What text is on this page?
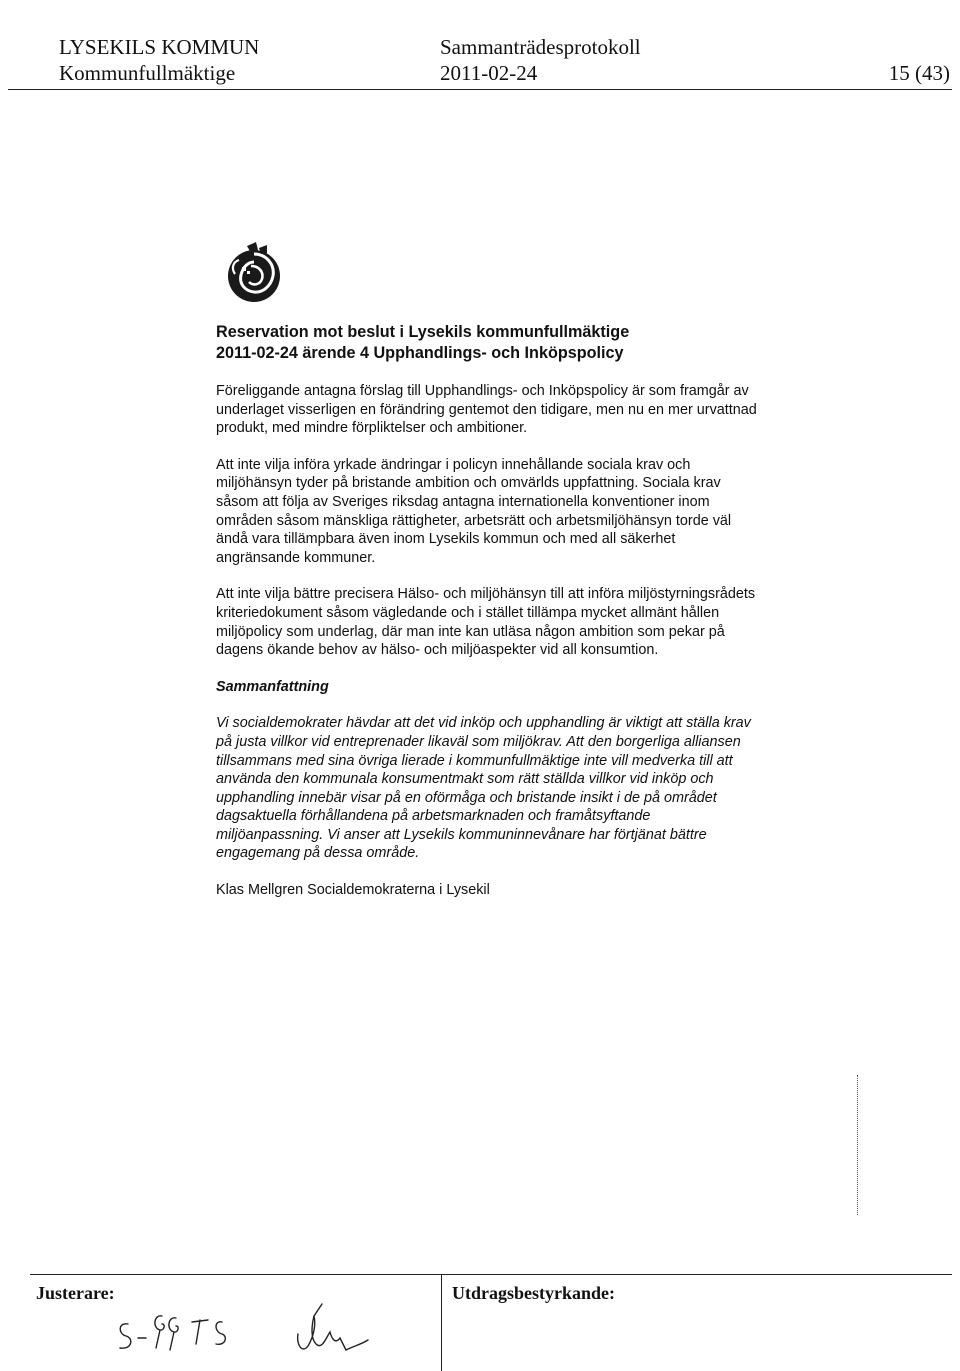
LYSEKILS KOMMUN
Kommunfullmäktige
Sammanträdesprotokoll
2011-02-24	15 (43)
Reservation mot beslut i Lysekils kommunfullmäktige
2011-02-24 ärende 4 Upphandlings- och Inköpspolicy

Föreliggande antagna förslag till Upphandlings- och Inköpspolicy är som framgår av underlaget visserligen en förändring gentemot den tidigare, men nu en mer urvattnad produkt, med mindre förpliktelser och ambitioner.

Att inte vilja införa yrkade ändringar i policyn innehållande sociala krav och miljöhänsyn tyder på bristande ambition och omvärlds uppfattning. Sociala krav såsom att följa av Sveriges riksdag antagna internationella konventioner inom områden såsom mänskliga rättigheter, arbetsrätt och arbetsmiljöhänsyn torde väl ändå vara tillämpbara även inom Lysekils kommun och med all säkerhet angränsande kommuner.

Att inte vilja bättre precisera Hälso- och miljöhänsyn till att införa miljöstyrningsrådets kriteriedokument såsom vägledande och i stället tillämpa mycket allmänt hållen miljöpolicy som underlag, där man inte kan utläsa någon ambition som pekar på dagens ökande behov av hälso- och miljöaspekter vid all konsumtion.

Sammanfattning

Vi socialdemokrater hävdar att det vid inköp och upphandling är viktigt att ställa krav på justa villkor vid entreprenader likaväl som miljökrav. Att den borgerliga alliansen tillsammans med sina övriga lierade i kommunfullmäktige inte vill medverka till att använda den kommunala konsumentmakt som rätt ställda villkor vid inköp och upphandling innebär visar på en oförmåga och bristande insikt i de på området dagsaktuella förhållandena på arbetsmarknaden och framåtsyftande miljöanpassning. Vi anser att Lysekils kommuninnevånare har förtjänat bättre engagemang på dessa område.

Klas Mellgren Socialdemokraterna i Lysekil

Justerare:	Utdragsbestyrkande:
